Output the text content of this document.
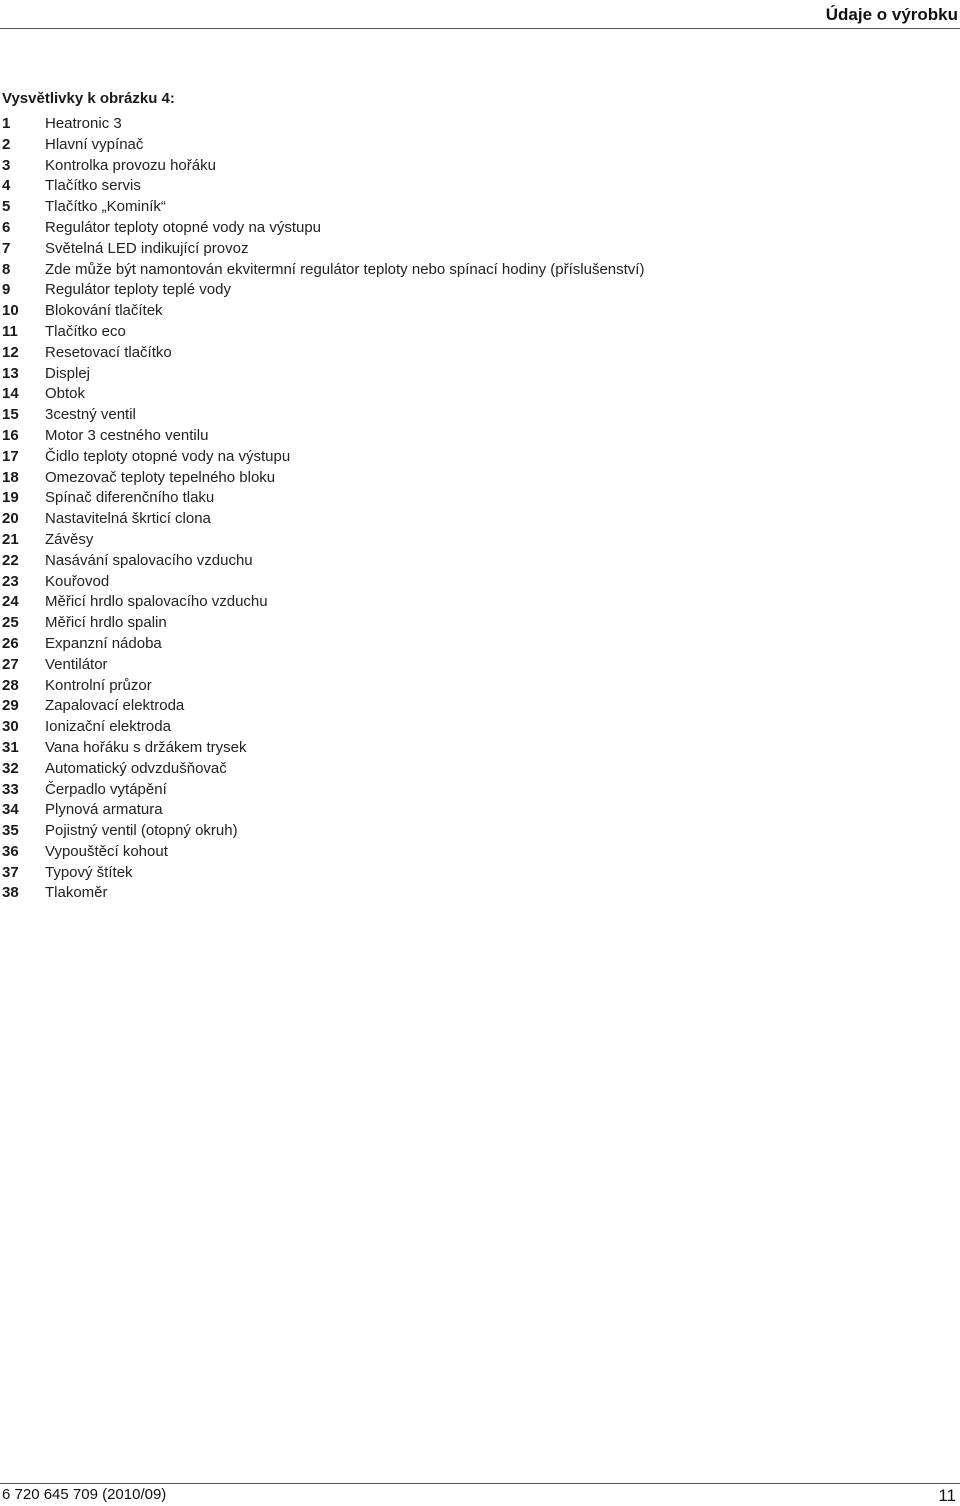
Údaje o výrobku
Vysvětlivky k obrázku 4:
1	Heatronic 3
2	Hlavní vypínač
3	Kontrolka provozu hořáku
4	Tlačítko servis
5	Tlačítko „Kominík“
6	Regulátor teploty otopné vody na výstupu
7	Světelná LED indikující provoz
8	Zde může být namontován ekvitermní regulátor teploty nebo spínací hodiny (příslušenství)
9	Regulátor teploty teplé vody
10	Blokování tlačítek
11	Tlačítko eco
12	Resetovací tlačítko
13	Displej
14	Obtok
15	3cestný ventil
16	Motor 3 cestného ventilu
17	Čidlo teploty otopné vody na výstupu
18	Omezovač teploty tepelného bloku
19	Spínač diferenčního tlaku
20	Nastavitelná škrticí clona
21	Závěsy
22	Nasávání spalovacího vzduchu
23	Kouřovod
24	Měřicí hrdlo spalovacího vzduchu
25	Měřicí hrdlo spalin
26	Expanzní nádoba
27	Ventilátor
28	Kontrolní průzor
29	Zapalovací elektroda
30	Ionizační elektroda
31	Vana hořáku s držákem trysek
32	Automatický odvzdušňovač
33	Čerpadlo vytápění
34	Plynová armatura
35	Pojistný ventil (otopný okruh)
36	Vypouštěcí kohout
37	Typový štítek
38	Tlakoměr
6 720 645 709 (2010/09)	11
